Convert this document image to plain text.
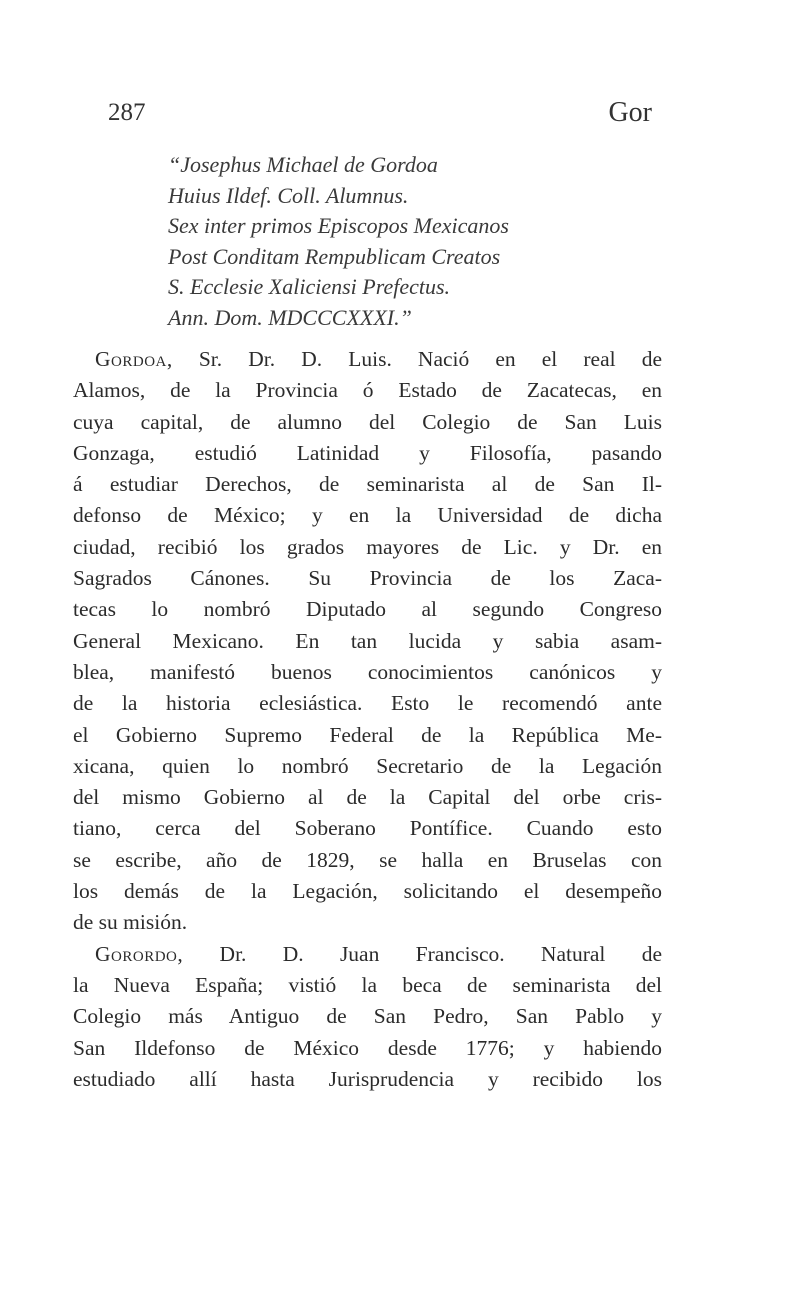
287	Gor
“Josephus Michael de Gordoa
Huius Ildef. Coll. Alumnus.
Sex inter primos Episcopos Mexicanos
Post Conditam Rempublicam Creatos
S. Ecclesie Xaliciensi Prefectus.
Ann. Dom. MDCCCXXXI.”
Gordoa, Sr. Dr. D. Luis. Nació en el real de
Alamos, de la Provincia ó Estado de Zacatecas, en
cuya capital, de alumno del Colegio de San Luis
Gonzaga, estudió Latinidad y Filosofía, pasando
á estudiar Derechos, de seminarista al de San Il-
defonso de México; y en la Universidad de dicha
ciudad, recibió los grados mayores de Lic. y Dr. en
Sagrados Cánones. Su Provincia de los Zaca-
tecas lo nombró Diputado al segundo Congreso
General Mexicano. En tan lucida y sabia asam-
blea, manifestó buenos conocimientos canónicos y
de la historia eclesiástica. Esto le recomendó ante
el Gobierno Supremo Federal de la República Me-
xicana, quien lo nombró Secretario de la Legación
del mismo Gobierno al de la Capital del orbe cris-
tiano, cerca del Soberano Pontífice. Cuando esto
se escribe, año de 1829, se halla en Bruselas con
los demás de la Legación, solicitando el desempeño
de su misión.
Gorordo, Dr. D. Juan Francisco. Natural de
la Nueva España; vistió la beca de seminarista del
Colegio más Antiguo de San Pedro, San Pablo y
San Ildefonso de México desde 1776; y habiendo
estudiado allí hasta Jurisprudencia y recibido los
